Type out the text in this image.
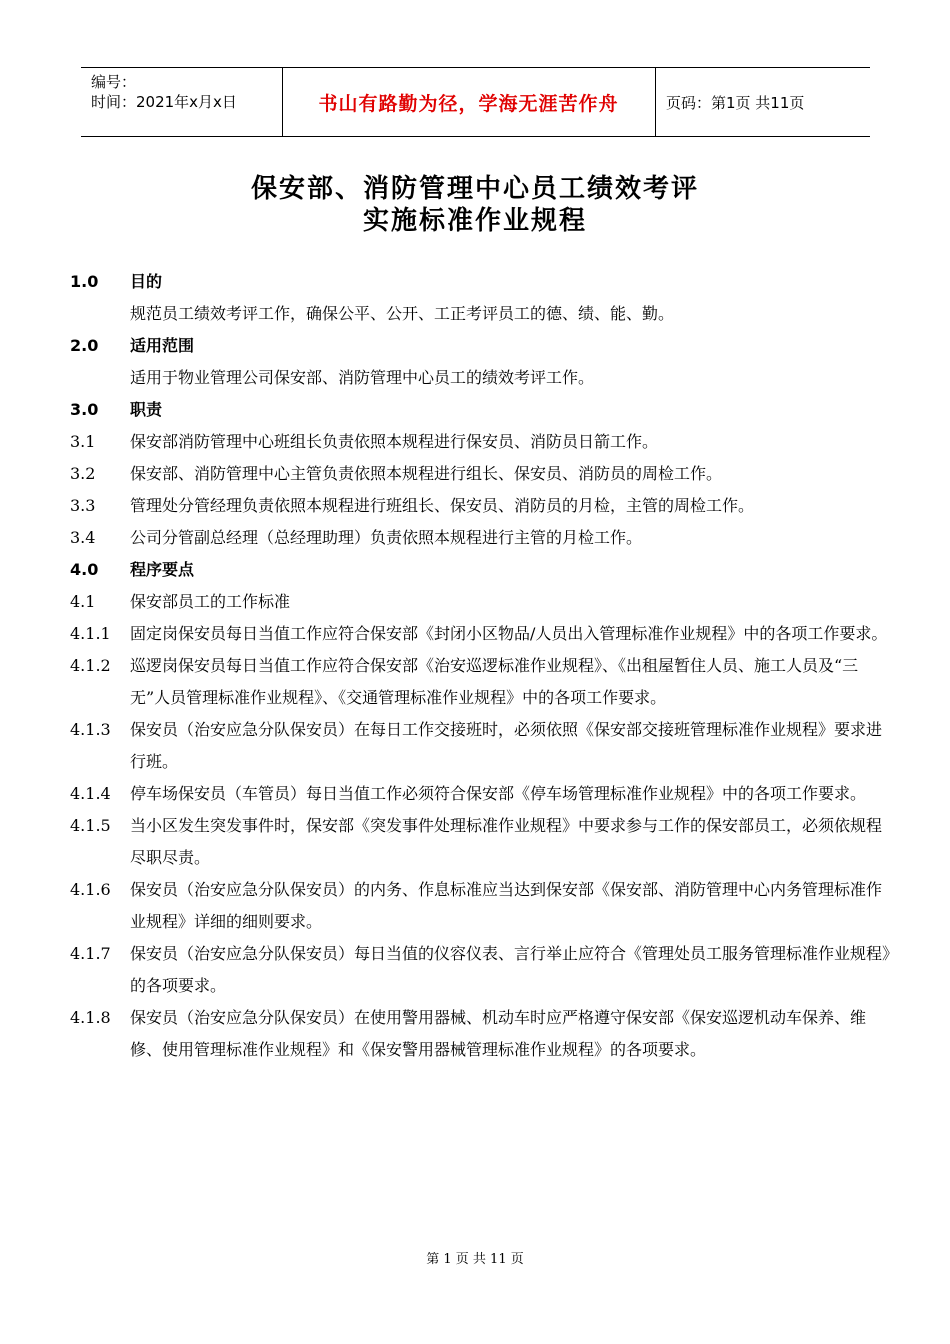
编号：
时间：2021年x月x日	书山有路勤为径，学海无涯苦作舟	页码：第1页 共11页
保安部、消防管理中心员工绩效考评
实施标准作业规程
1.0	目的
规范员工绩效考评工作，确保公平、公开、工正考评员工的德、绩、能、勤。
2.0	适用范围
适用于物业管理公司保安部、消防管理中心员工的绩效考评工作。
3.0	职责
3.1	保安部消防管理中心班组长负责依照本规程进行保安员、消防员日箭工作。
3.2	保安部、消防管理中心主管负责依照本规程进行组长、保安员、消防员的周检工作。
3.3	管理处分管经理负责依照本规程进行班组长、保安员、消防员的月检，主管的周检工作。
3.4	公司分管副总经理（总经理助理）负责依照本规程进行主管的月检工作。
4.0	程序要点
4.1	保安部员工的工作标准
4.1.1	固定岗保安员每日当值工作应符合保安部《封闭小区物品/人员出入管理标准作业规程》中的各项工作要求。
4.1.2	巡逻岗保安员每日当值工作应符合保安部《治安巡逻标准作业规程》、《出租屋暂住人员、施工人员及“三无”人员管理标准作业规程》、《交通管理标准作业规程》中的各项工作要求。
4.1.3	保安员（治安应急分队保安员）在每日工作交接班时，必须依照《保安部交接班管理标准作业规程》要求进行班。
4.1.4	停车场保安员（车管员）每日当值工作必须符合保安部《停车场管理标准作业规程》中的各项工作要求。
4.1.5	当小区发生突发事件时，保安部《突发事件处理标准作业规程》中要求参与工作的保安部员工，必须依规程尽职尽责。
4.1.6	保安员（治安应急分队保安员）的内务、作息标准应当达到保安部《保安部、消防管理中心内务管理标准作业规程》详细的细则要求。
4.1.7	保安员（治安应急分队保安员）每日当值的仪容仪表、言行举止应符合《管理处员工服务管理标准作业规程》的各项要求。
4.1.8	保安员（治安应急分队保安员）在使用警用器械、机动车时应严格遵守保安部《保安巡逻机动车保养、维修、使用管理标准作业规程》和《保安警用器械管理标准作业规程》的各项要求。
第 1 页 共 11 页
